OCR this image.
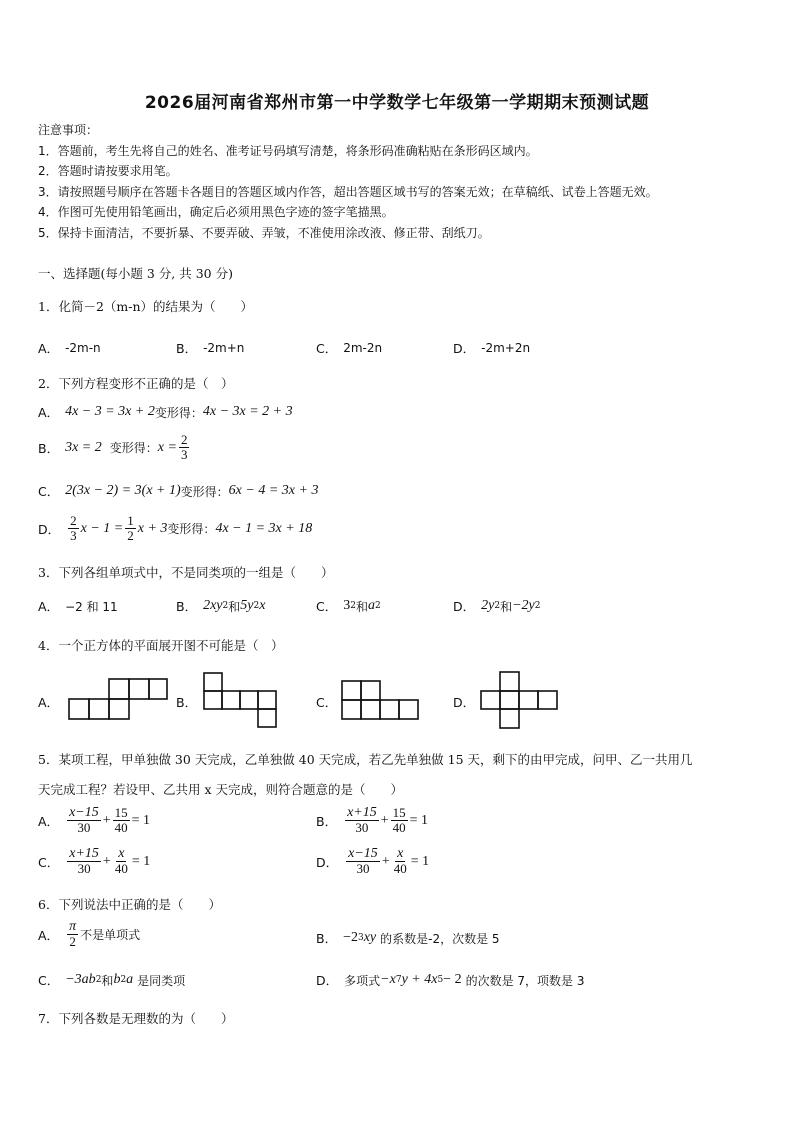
2026届河南省郑州市第一中学数学七年级第一学期期末预测试题
注意事项：
1．答题前，考生先将自己的姓名、准考证号码填写清楚，将条形码准确粘贴在条形码区域内。
2．答题时请按要求用笔。
3．请按照题号顺序在答题卡各题目的答题区域内作答，超出答题区域书写的答案无效；在草稿纸、试卷上答题无效。
4．作图可先使用铅笔画出，确定后必须用黑色字迹的签字笔描黑。
5．保持卡面清洁，不要折暴、不要弄破、弄皱，不准使用涂改液、修正带、刮纸刀。
一、选择题(每小题 3 分, 共 30 分)
1．化简－2（m-n）的结果为（　　）
A． -2m-n	B． -2m+n	C． 2m-2n	D． -2m+2n
2．下列方程变形不正确的是（　）
A． 4x − 3 = 3x + 2 变形得： 4x − 3x = 2 + 3
B． 3x = 2 变形得： $x = \frac{2}{3}$
C． 2(3x − 2) = 3(x + 1) 变形得： 6x − 4 = 3x + 3
D． $\frac{2}{3}$ $x - 1 = \frac{1}{2}$ x + 3 变形得： 4x − 1 = 3x + 18
3．下列各组单项式中，不是同类项的一组是（　　）
A． −2 和 11	B． 2xy 2 和 5y 2 x	C． 3 2 和 a 2	D． 2y 2 和 −2y 2
4．一个正方体的平面展开图不可能是（　）
A．	B．	C．	D．
5．某项工程，甲单独做 30 天完成，乙单独做 40 天完成，若乙先单独做 15 天，剩下的由甲完成，问甲、乙一共用几
天完成工程？若设甲、乙共用 x 天完成，则符合题意的是（　　）
A． $\frac{x-15}{30} + \frac{15}{40} = 1$	B． $\frac{x+15}{30} + \frac{15}{40} = 1$
C． $\frac{x+15}{30} + \frac{x}{40} = 1$	D． $\frac{x-15}{30} + \frac{x}{40} = 1$
6．下列说法中正确的是（　　）
A． $\frac{\pi}{2}$ 不是单项式	B． −2 3 xy 的系数是-2，次数是 5
C． −3ab 2 和 b 2 a 是同类项	D． 多项式 −x 7 y + 4x 5 − 2 的次数是 7，项数是 3
7．下列各数是无理数的为（　　）
